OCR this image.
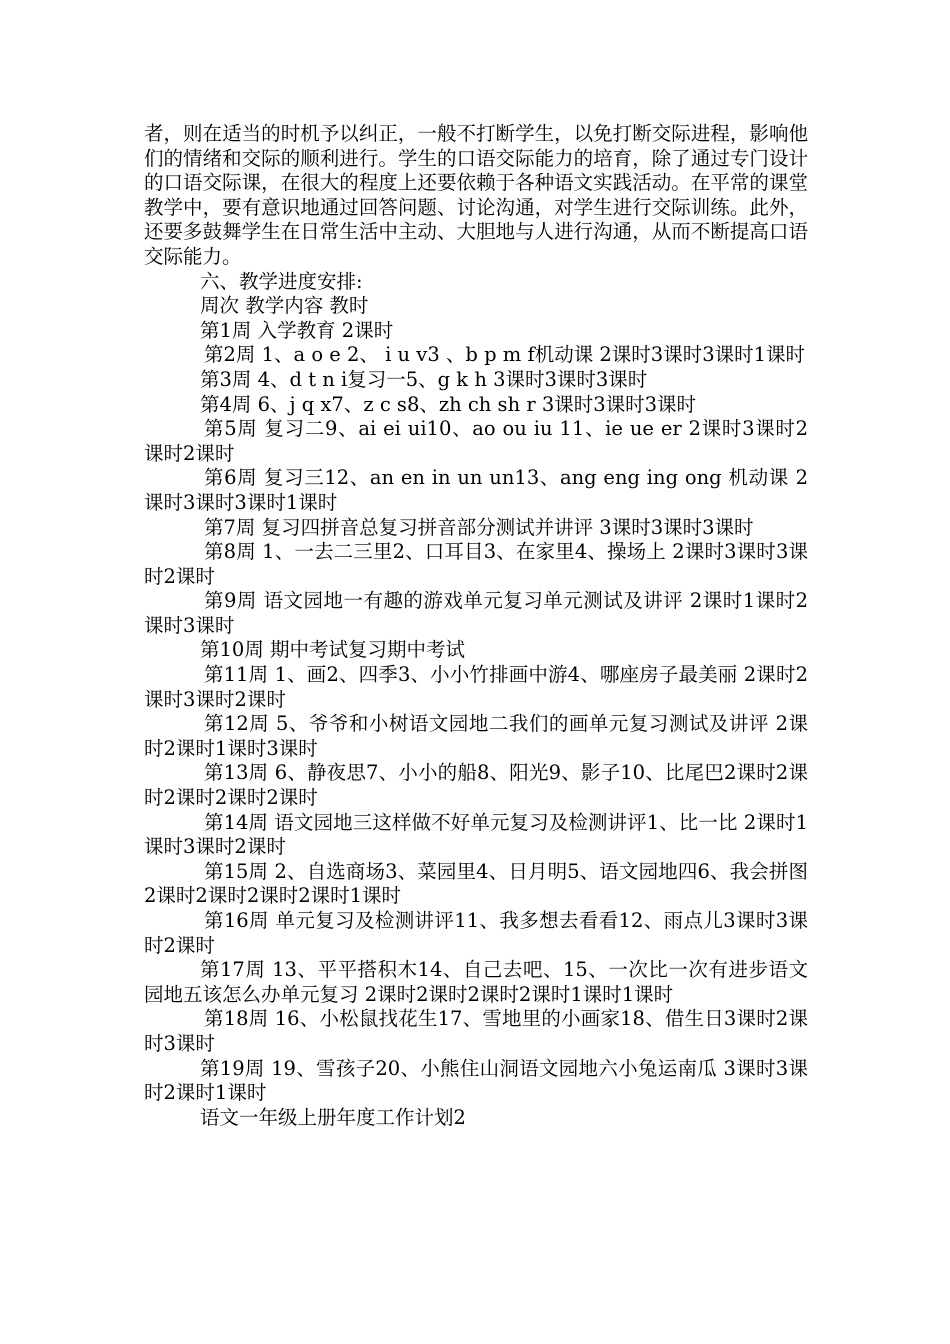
者，则在适当的时机予以纠正，一般不打断学生，以免打断交际进程，影响他们的情绪和交际的顺利进行。学生的口语交际能力的培育，除了通过专门设计的口语交际课，在很大的程度上还要依赖于各种语文实践活动。在平常的课堂教学中，要有意识地通过回答问题、讨论沟通，对学生进行交际训练。此外，还要多鼓舞学生在日常生活中主动、大胆地与人进行沟通，从而不断提高口语交际能力。

六、教学进度安排:

周次 教学内容 教时

第1周 入学教育 2课时

第2周 1、a o e 2、 i u v3 、b p m f机动课 2课时3课时3课时1课时

第3周 4、d t n i复习一5、g k h 3课时3课时3课时

第4周 6、j q x7、z c s8、zh ch sh r 3课时3课时3课时

第5周 复习二9、ai ei ui10、ao ou iu 11、ie ue er 2课时3课时2课时2课时

第6周 复习三12、an en in un un13、ang eng ing ong 机动课 2课时3课时3课时1课时

第7周 复习四拼音总复习拼音部分测试并讲评 3课时3课时3课时

第8周 1、一去二三里2、口耳目3、在家里4、操场上 2课时3课时3课时2课时

第9周 语文园地一有趣的游戏单元复习单元测试及讲评 2课时1课时2课时3课时

第10周 期中考试复习期中考试

第11周 1、画2、四季3、小小竹排画中游4、哪座房子最美丽 2课时2课时3课时2课时

第12周 5、爷爷和小树语文园地二我们的画单元复习测试及讲评 2课时2课时1课时3课时

第13周 6、静夜思7、小小的船8、阳光9、影子10、比尾巴2课时2课时2课时2课时2课时

第14周 语文园地三这样做不好单元复习及检测讲评1、比一比 2课时1课时3课时2课时

第15周 2、自选商场3、菜园里4、日月明5、语文园地四6、我会拼图 2课时2课时2课时2课时1课时

第16周 单元复习及检测讲评11、我多想去看看12、雨点儿3课时3课时2课时

第17周 13、平平搭积木14、自己去吧、15、一次比一次有进步语文园地五该怎么办单元复习 2课时2课时2课时2课时1课时1课时

第18周 16、小松鼠找花生17、雪地里的小画家18、借生日3课时2课时3课时

第19周 19、雪孩子20、小熊住山洞语文园地六小兔运南瓜 3课时3课时2课时1课时

语文一年级上册年度工作计划2
